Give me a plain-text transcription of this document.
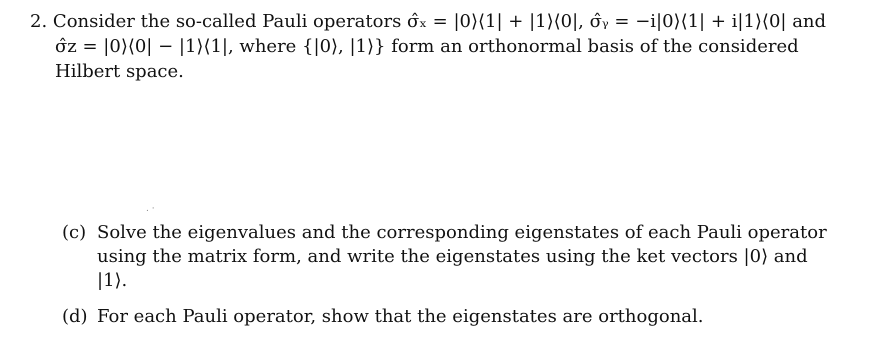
2. Consider the so-called Pauli operators σ̂ₓ = |0⟩⟨1| + |1⟩⟨0|, σ̂ᵧ = −i|0⟩⟨1| + i|1⟩⟨0| and
σ̂z = |0⟩⟨0| − |1⟩⟨1|, where {|0⟩, |1⟩} form an orthonormal basis of the considered
Hilbert space.
. ·
(c) Solve the eigenvalues and the corresponding eigenstates of each Pauli operator
using the matrix form, and write the eigenstates using the ket vectors |0⟩ and
|1⟩.
(d) For each Pauli operator, show that the eigenstates are orthogonal.
